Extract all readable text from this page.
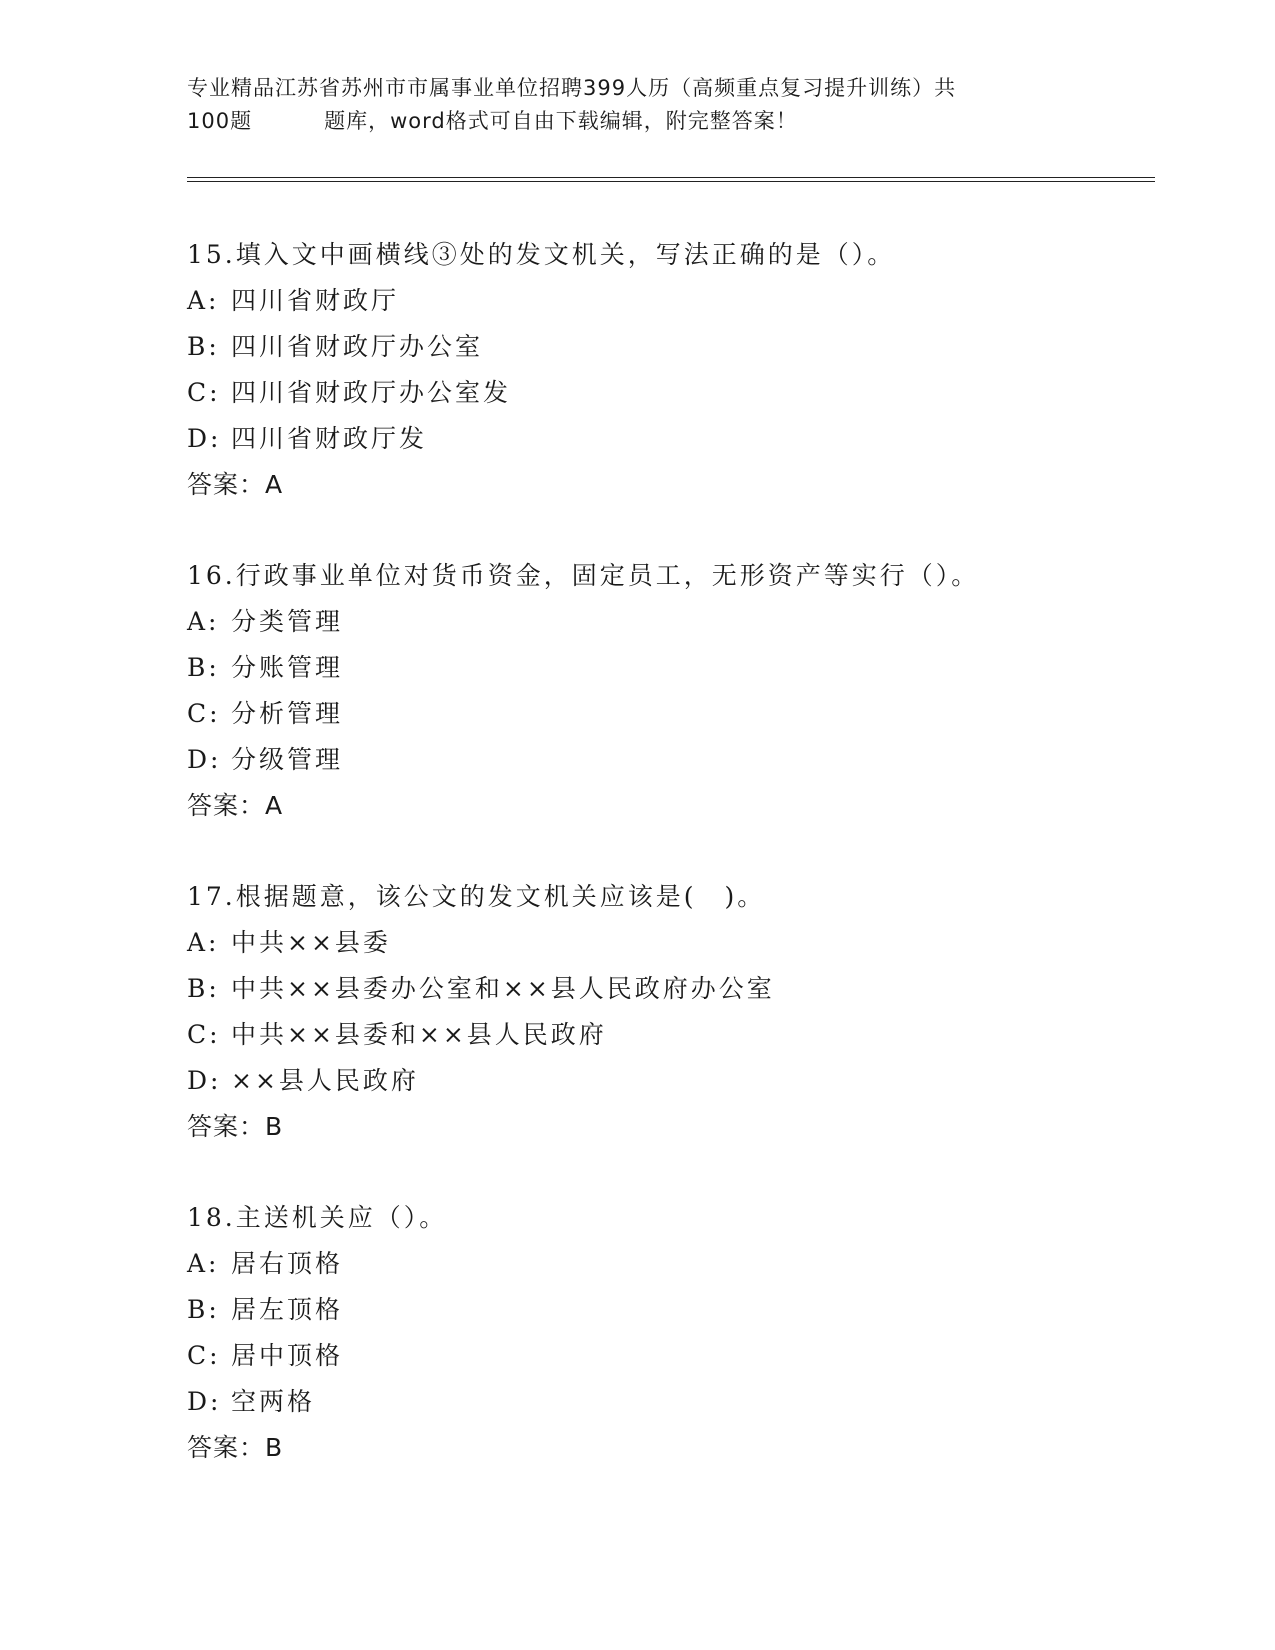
专业精品江苏省苏州市市属事业单位招聘399人历（高频重点复习提升训练）共
100题	题库，word格式可自由下载编辑，附完整答案！
15.填入文中画横线③处的发文机关，写法正确的是（）。
A: 四川省财政厅
B: 四川省财政厅办公室
C: 四川省财政厅办公室发
D: 四川省财政厅发
答案：A
16.行政事业单位对货币资金，固定员工，无形资产等实行（）。
A: 分类管理
B: 分账管理
C: 分析管理
D: 分级管理
答案：A
17.根据题意，该公文的发文机关应该是(　)。
A: 中共××县委
B: 中共××县委办公室和××县人民政府办公室
C: 中共××县委和××县人民政府
D: ××县人民政府
答案：B
18.主送机关应（）。
A: 居右顶格
B: 居左顶格
C: 居中顶格
D: 空两格
答案：B
